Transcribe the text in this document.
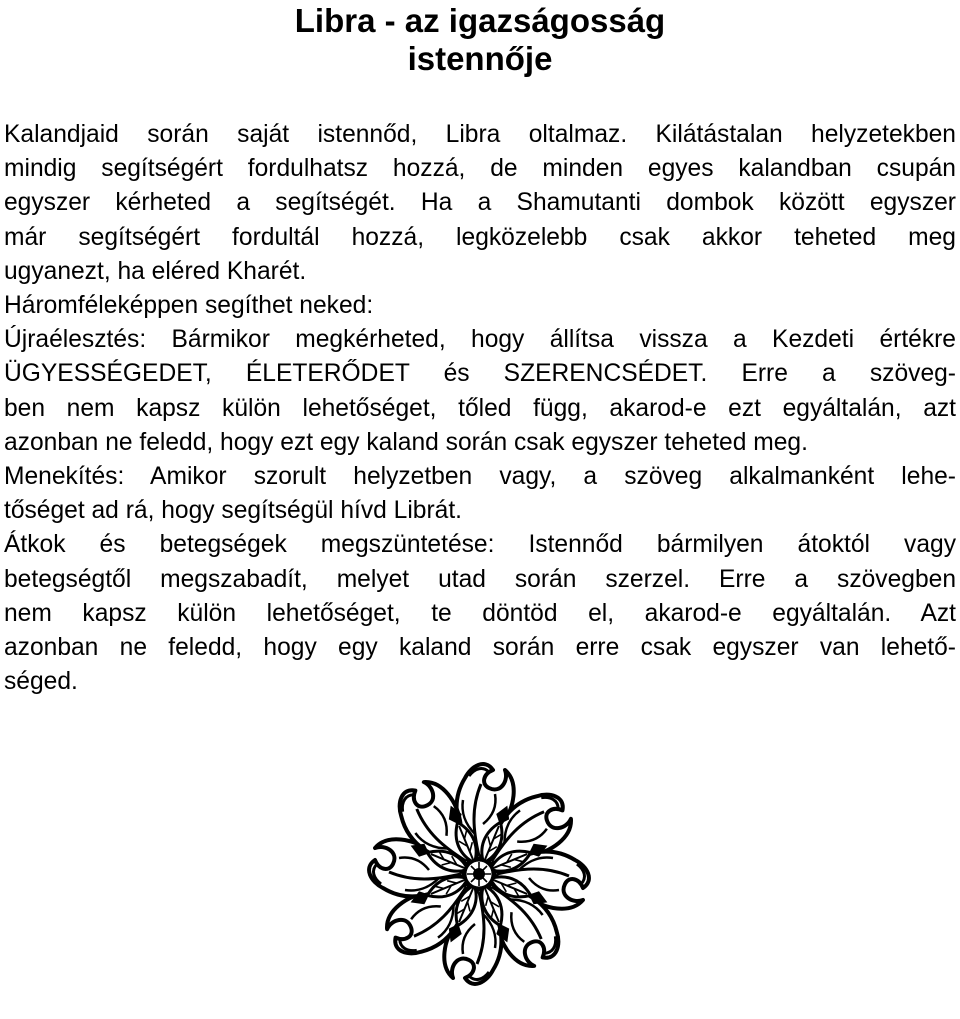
Libra - az igazságosság
istennője

Kalandjaid során saját istennőd, Libra oltalmaz. Kilátástalan helyzetekben

mindig segítségért fordulhatsz hozzá, de minden egyes kalandban csupán

egyszer kérheted a segítségét. Ha a Shamutanti dombok között egyszer

már segítségért fordultál hozzá, legközelebb csak akkor teheted meg

ugyanezt, ha eléred Kharét.

Háromféleképpen segíthet neked:

Újraélesztés: Bármikor megkérheted, hogy állítsa vissza a Kezdeti értékre

ÜGYESSÉGEDET, ÉLETERŐDET és SZERENCSÉDET. Erre a szöveg-

ben nem kapsz külön lehetőséget, tőled függ, akarod-e ezt egyáltalán, azt

azonban ne feledd, hogy ezt egy kaland során csak egyszer teheted meg.

Menekítés: Amikor szorult helyzetben vagy, a szöveg alkalmanként lehe-

tőséget ad rá, hogy segítségül hívd Librát.

Átkok és betegségek megszüntetése: Istennőd bármilyen átoktól vagy

betegségtől megszabadít, melyet utad során szerzel. Erre a szövegben

nem kapsz külön lehetőséget, te döntöd el, akarod-e egyáltalán. Azt

azonban ne feledd, hogy egy kaland során erre csak egyszer van lehető-

séged.
